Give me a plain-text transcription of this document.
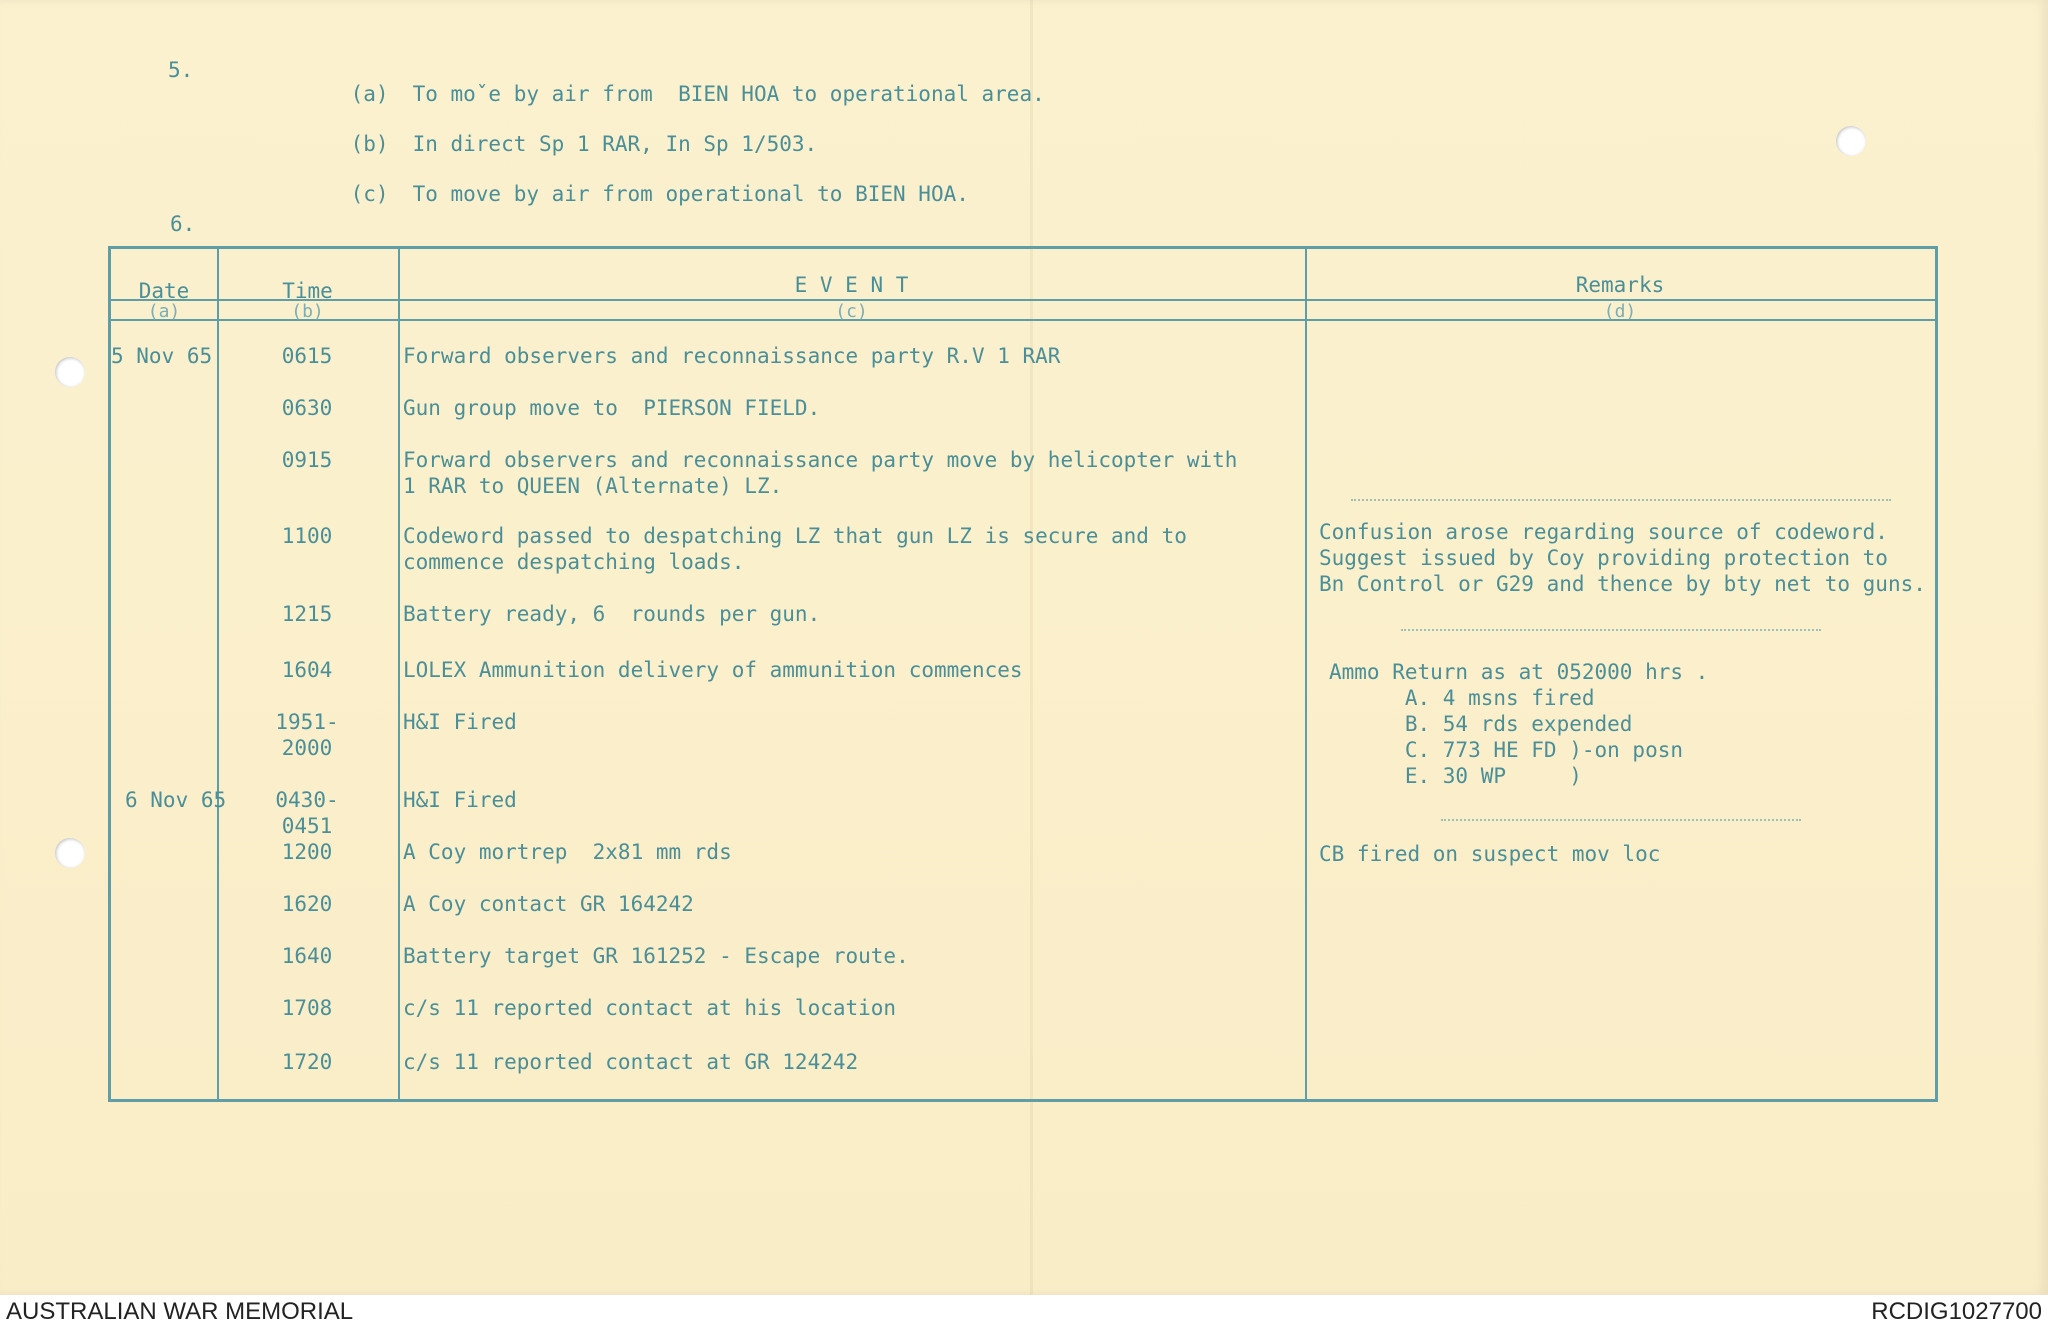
5.

(a) To moˇe by air from  BIEN HOA to operational area.

(b) In direct Sp 1 RAR, In Sp 1/503.

(c) To move by air from operational to BIEN HOA.

6.
Date
(a)
Time
(b)
E V E N T
(c)
Remarks
(d)
5 Nov 65
6 Nov 65
0615
0630
0915
1100
1215
1604
1951-
2000
0430-
0451
1200
1620
1640
1708
1720
Forward observers and reconnaissance party R.V 1 RAR
Gun group move to  PIERSON FIELD.
Forward observers and reconnaissance party move by helicopter with
1 RAR to QUEEN (Alternate) LZ.
Codeword passed to despatching LZ that gun LZ is secure and to
commence despatching loads.
Battery ready, 6  rounds per gun.
LOLEX Ammunition delivery of ammunition commences
H&I Fired
H&I Fired
A Coy mortrep  2x81 mm rds
A Coy contact GR 164242
Battery target GR 161252 - Escape route.
c/s 11 reported contact at his location
c/s 11 reported contact at GR 124242
Confusion arose regarding source of codeword.
Suggest issued by Coy providing protection to
Bn Control or G29 and thence by bty net to guns.
Ammo Return as at 052000 hrs .
A. 4 msns fired
B. 54 rds expended
C. 773 HE FD )-on posn
E. 30 WP     )
CB fired on suspect mov loc
AUSTRALIAN WAR MEMORIAL	RCDIG1027700
